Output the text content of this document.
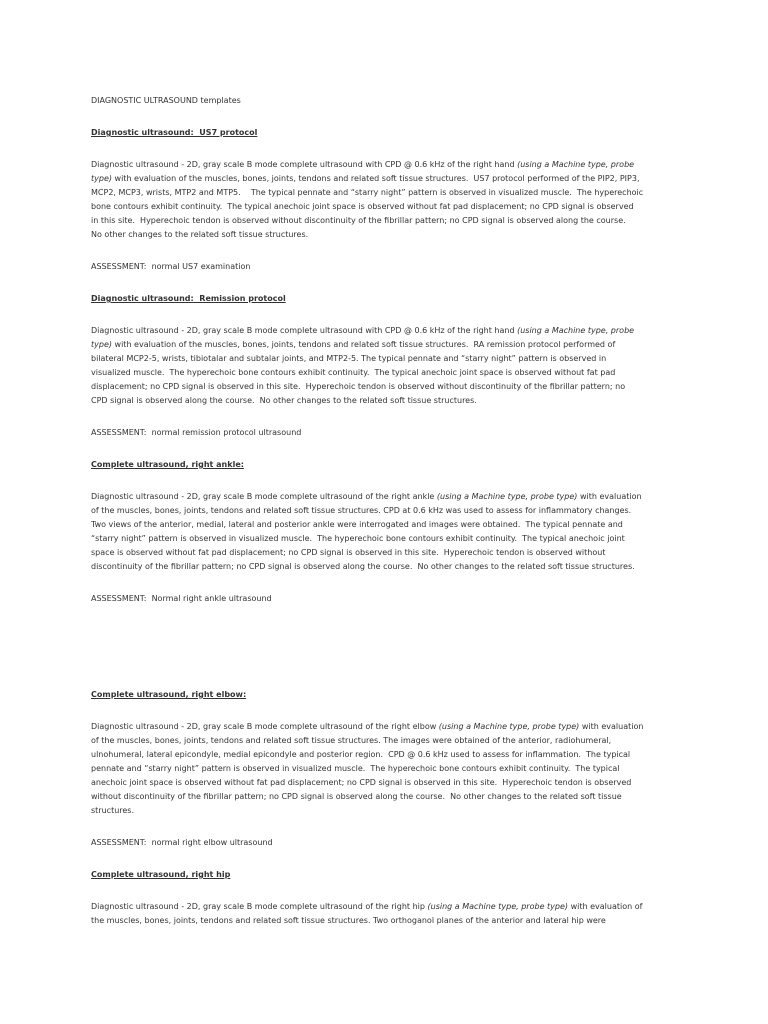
DIAGNOSTIC ULTRASOUND templates

Diagnostic ultrasound:  US7 protocol

Diagnostic ultrasound - 2D, gray scale B mode complete ultrasound with CPD @ 0.6 kHz of the right hand (using a Machine type, probe
type) with evaluation of the muscles, bones, joints, tendons and related soft tissue structures.  US7 protocol performed of the PIP2, PIP3,
MCP2, MCP3, wrists, MTP2 and MTP5.    The typical pennate and “starry night” pattern is observed in visualized muscle.  The hyperechoic
bone contours exhibit continuity.  The typical anechoic joint space is observed without fat pad displacement; no CPD signal is observed
in this site.  Hyperechoic tendon is observed without discontinuity of the fibrillar pattern; no CPD signal is observed along the course.
No other changes to the related soft tissue structures.

ASSESSMENT:  normal US7 examination

Diagnostic ultrasound:  Remission protocol

Diagnostic ultrasound - 2D, gray scale B mode complete ultrasound with CPD @ 0.6 kHz of the right hand (using a Machine type, probe
type) with evaluation of the muscles, bones, joints, tendons and related soft tissue structures.  RA remission protocol performed of
bilateral MCP2-5, wrists, tibiotalar and subtalar joints, and MTP2-5. The typical pennate and “starry night” pattern is observed in
visualized muscle.  The hyperechoic bone contours exhibit continuity.  The typical anechoic joint space is observed without fat pad
displacement; no CPD signal is observed in this site.  Hyperechoic tendon is observed without discontinuity of the fibrillar pattern; no
CPD signal is observed along the course.  No other changes to the related soft tissue structures.

ASSESSMENT:  normal remission protocol ultrasound

Complete ultrasound, right ankle:

Diagnostic ultrasound - 2D, gray scale B mode complete ultrasound of the right ankle (using a Machine type, probe type) with evaluation
of the muscles, bones, joints, tendons and related soft tissue structures. CPD at 0.6 kHz was used to assess for inflammatory changes.
Two views of the anterior, medial, lateral and posterior ankle were interrogated and images were obtained.  The typical pennate and
“starry night” pattern is observed in visualized muscle.  The hyperechoic bone contours exhibit continuity.  The typical anechoic joint
space is observed without fat pad displacement; no CPD signal is observed in this site.  Hyperechoic tendon is observed without
discontinuity of the fibrillar pattern; no CPD signal is observed along the course.  No other changes to the related soft tissue structures.

ASSESSMENT:  Normal right ankle ultrasound

Complete ultrasound, right elbow:

Diagnostic ultrasound - 2D, gray scale B mode complete ultrasound of the right elbow (using a Machine type, probe type) with evaluation
of the muscles, bones, joints, tendons and related soft tissue structures. The images were obtained of the anterior, radiohumeral,
ulnohumeral, lateral epicondyle, medial epicondyle and posterior region.  CPD @ 0.6 kHz used to assess for inflammation.  The typical
pennate and “starry night” pattern is observed in visualized muscle.  The hyperechoic bone contours exhibit continuity.  The typical
anechoic joint space is observed without fat pad displacement; no CPD signal is observed in this site.  Hyperechoic tendon is observed
without discontinuity of the fibrillar pattern; no CPD signal is observed along the course.  No other changes to the related soft tissue
structures.

ASSESSMENT:  normal right elbow ultrasound

Complete ultrasound, right hip

Diagnostic ultrasound - 2D, gray scale B mode complete ultrasound of the right hip (using a Machine type, probe type) with evaluation of
the muscles, bones, joints, tendons and related soft tissue structures. Two orthoganol planes of the anterior and lateral hip were
